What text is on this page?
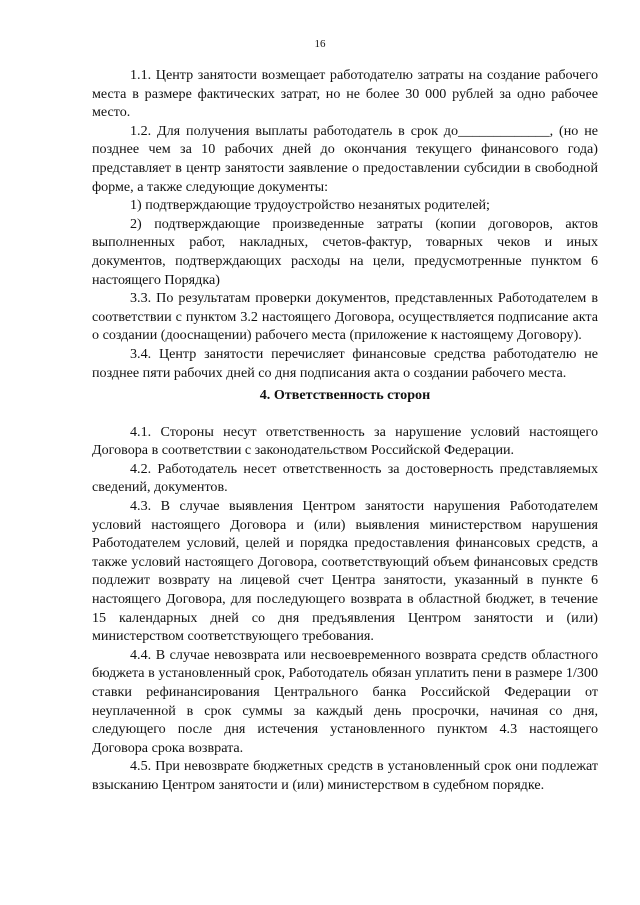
16

1.1. Центр занятости возмещает работодателю затраты на создание рабочего места в размере фактических затрат, но не более 30 000 рублей за одно рабочее место.

1.2. Для получения выплаты работодатель в срок до_____________, (но не позднее чем за 10 рабочих дней до окончания текущего финансового года) представляет в центр занятости заявление о предоставлении субсидии в свободной форме, а также следующие документы:

1) подтверждающие трудоустройство незанятых родителей;

2) подтверждающие произведенные затраты (копии договоров, актов выполненных работ, накладных, счетов-фактур, товарных чеков и иных документов, подтверждающих расходы на цели, предусмотренные пунктом 6 настоящего Порядка)

3.3. По результатам проверки документов, представленных Работодателем в соответствии с пунктом 3.2 настоящего Договора, осуществляется подписание акта о создании (дооснащении) рабочего места (приложение к настоящему Договору).

3.4. Центр занятости перечисляет финансовые средства работодателю не позднее пяти рабочих дней со дня подписания акта о создании рабочего места.

4. Ответственность сторон

4.1. Стороны несут ответственность за нарушение условий настоящего Договора в соответствии с законодательством Российской Федерации.

4.2. Работодатель несет ответственность за достоверность представляемых сведений, документов.

4.3. В случае выявления Центром занятости нарушения Работодателем условий настоящего Договора и (или) выявления министерством нарушения Работодателем условий, целей и порядка предоставления финансовых средств, а также условий настоящего Договора, соответствующий объем финансовых средств подлежит возврату на лицевой счет Центра занятости, указанный в пункте 6 настоящего Договора, для последующего возврата в областной бюджет, в течение 15 календарных дней со дня предъявления Центром занятости и (или) министерством соответствующего требования.

4.4. В случае невозврата или несвоевременного возврата средств областного бюджета в установленный срок, Работодатель обязан уплатить пени в размере 1/300 ставки рефинансирования Центрального банка Российской Федерации от неуплаченной в срок суммы за каждый день просрочки, начиная со дня, следующего после дня истечения установленного пунктом 4.3 настоящего Договора срока возврата.

4.5. При невозврате бюджетных средств в установленный срок они подлежат взысканию Центром занятости и (или) министерством в судебном порядке.
